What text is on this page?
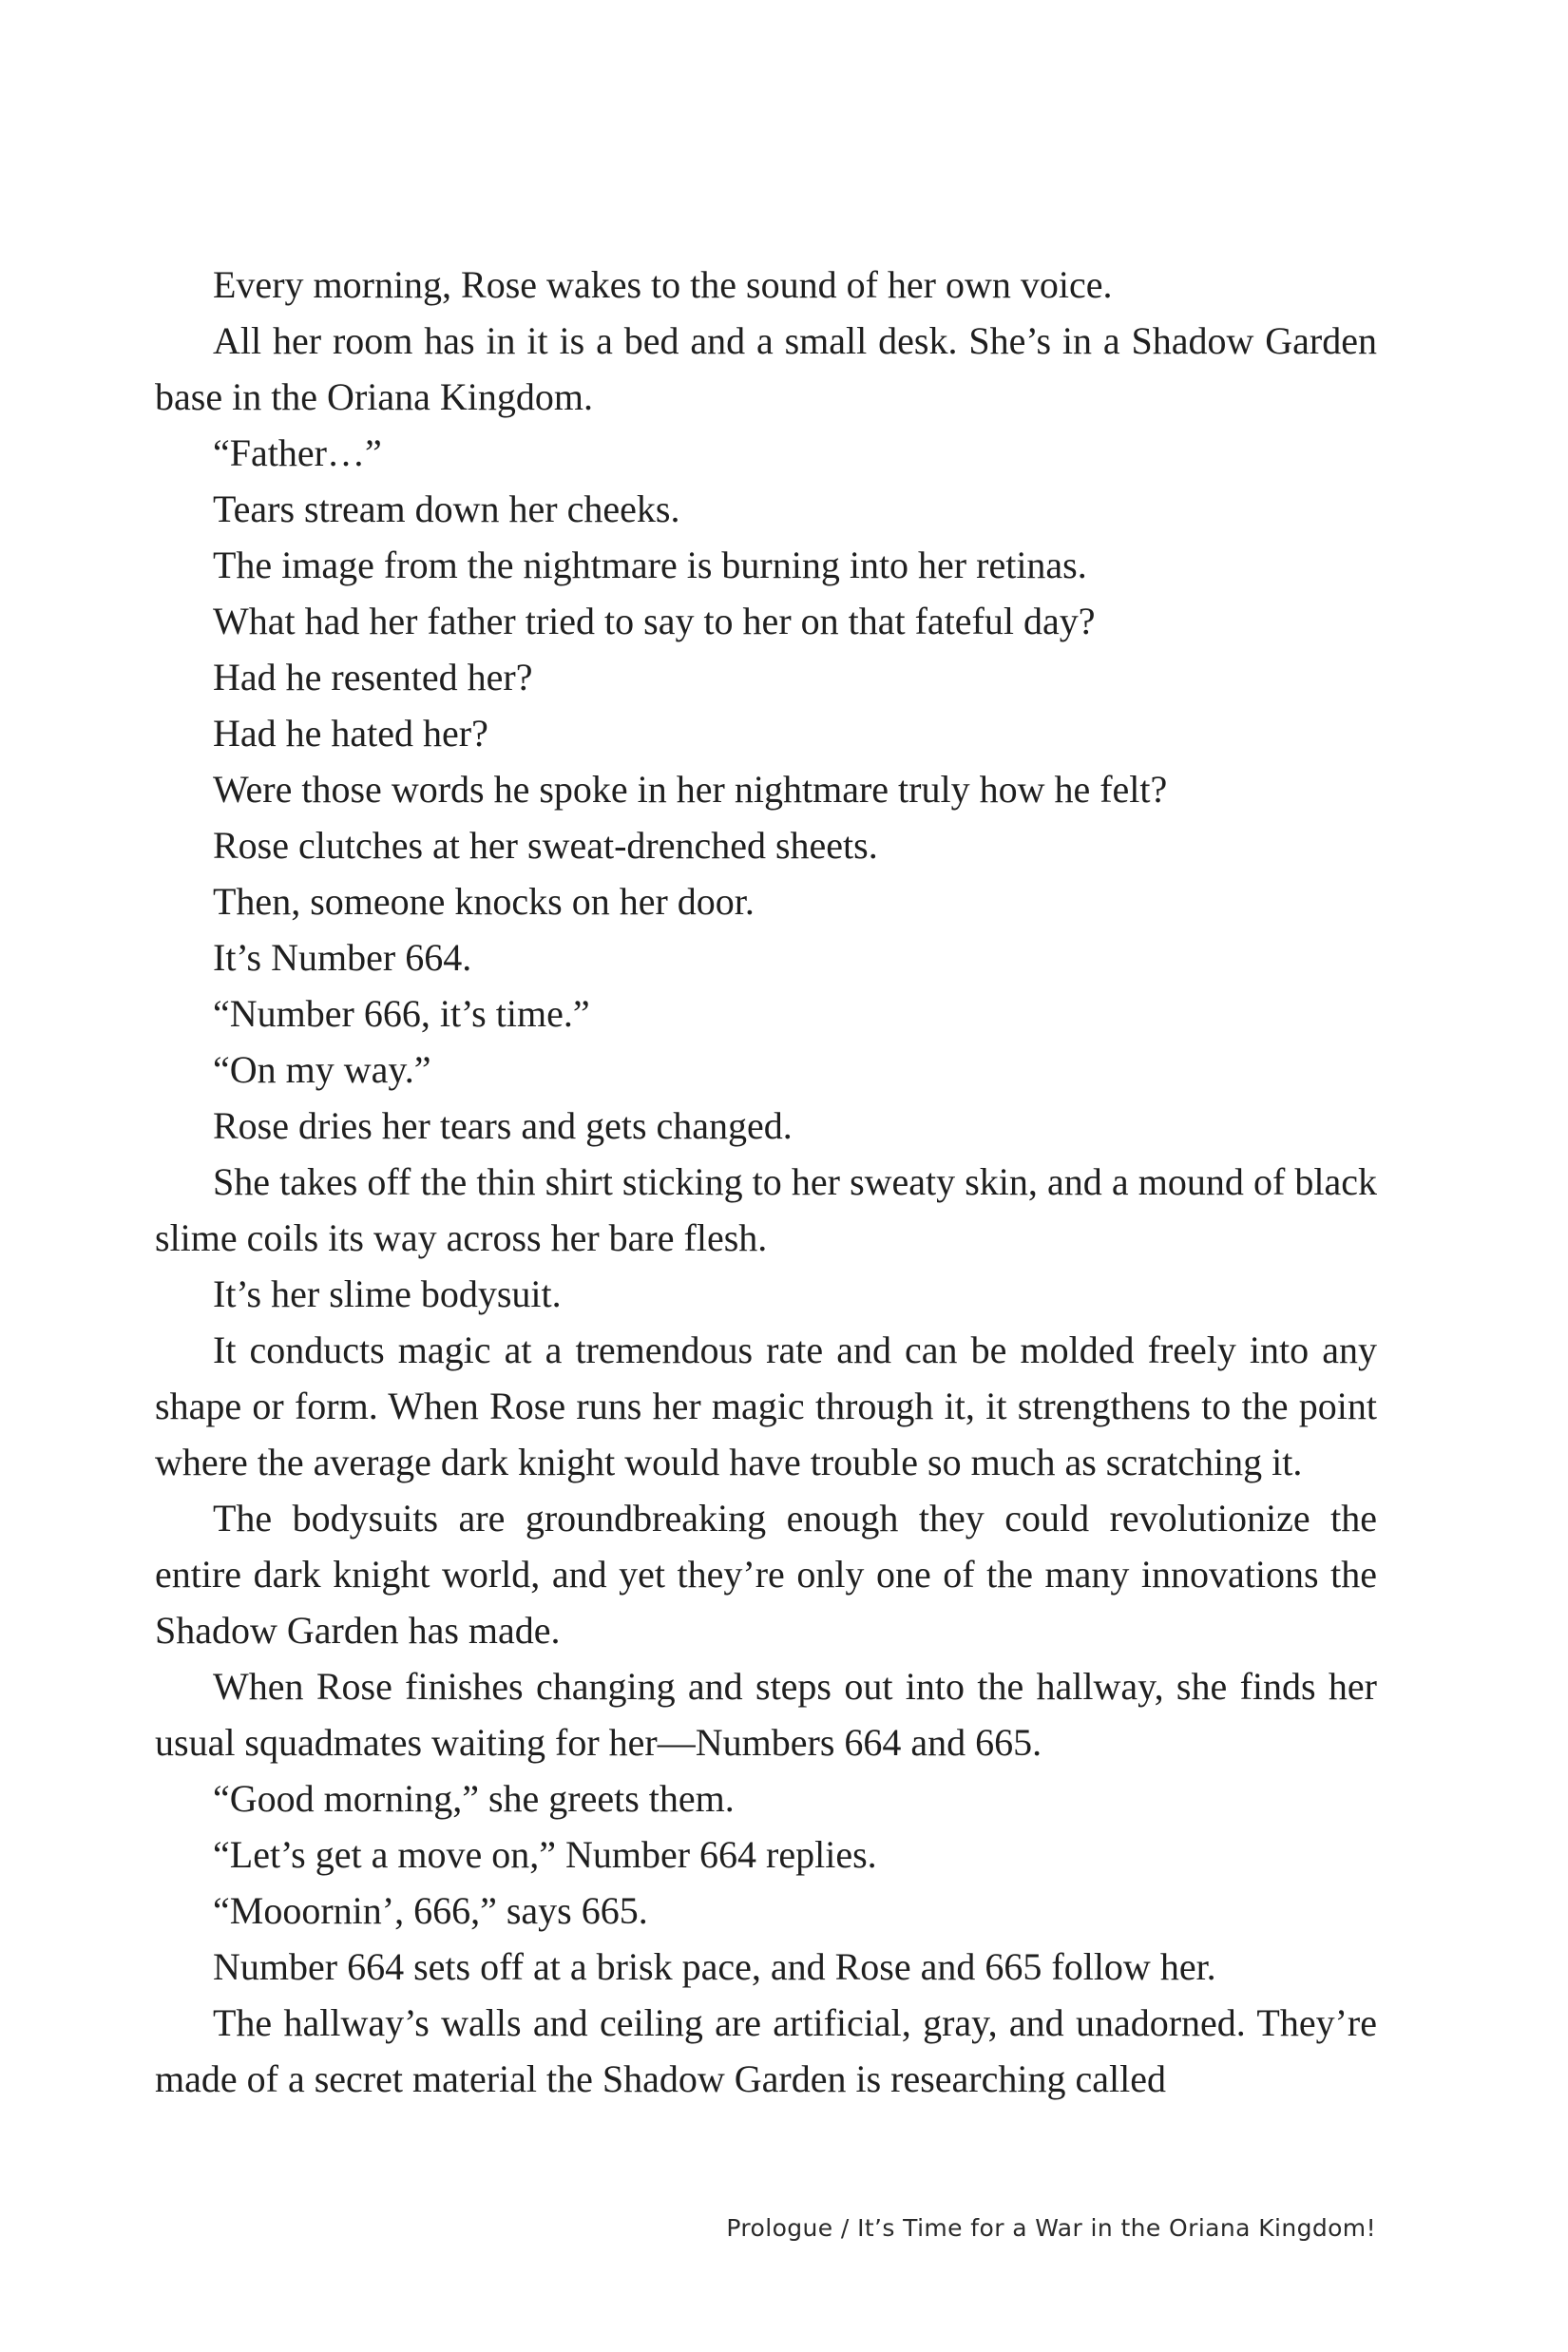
Every morning, Rose wakes to the sound of her own voice.

All her room has in it is a bed and a small desk. She’s in a Shadow Garden base in the Oriana Kingdom.

“Father…”

Tears stream down her cheeks.

The image from the nightmare is burning into her retinas.

What had her father tried to say to her on that fateful day?

Had he resented her?

Had he hated her?

Were those words he spoke in her nightmare truly how he felt?

Rose clutches at her sweat-drenched sheets.

Then, someone knocks on her door.

It’s Number 664.

“Number 666, it’s time.”

“On my way.”

Rose dries her tears and gets changed.

She takes off the thin shirt sticking to her sweaty skin, and a mound of black slime coils its way across her bare flesh.

It’s her slime bodysuit.

It conducts magic at a tremendous rate and can be molded freely into any shape or form. When Rose runs her magic through it, it strengthens to the point where the average dark knight would have trouble so much as scratching it.

The bodysuits are groundbreaking enough they could revolutionize the entire dark knight world, and yet they’re only one of the many innovations the Shadow Garden has made.

When Rose finishes changing and steps out into the hallway, she finds her usual squadmates waiting for her—Numbers 664 and 665.

“Good morning,” she greets them.

“Let’s get a move on,” Number 664 replies.

“Mooornin’, 666,” says 665.

Number 664 sets off at a brisk pace, and Rose and 665 follow her.

The hallway’s walls and ceiling are artificial, gray, and unadorned. They’re made of a secret material the Shadow Garden is researching called

Prologue / It’s Time for a War in the Oriana Kingdom!
